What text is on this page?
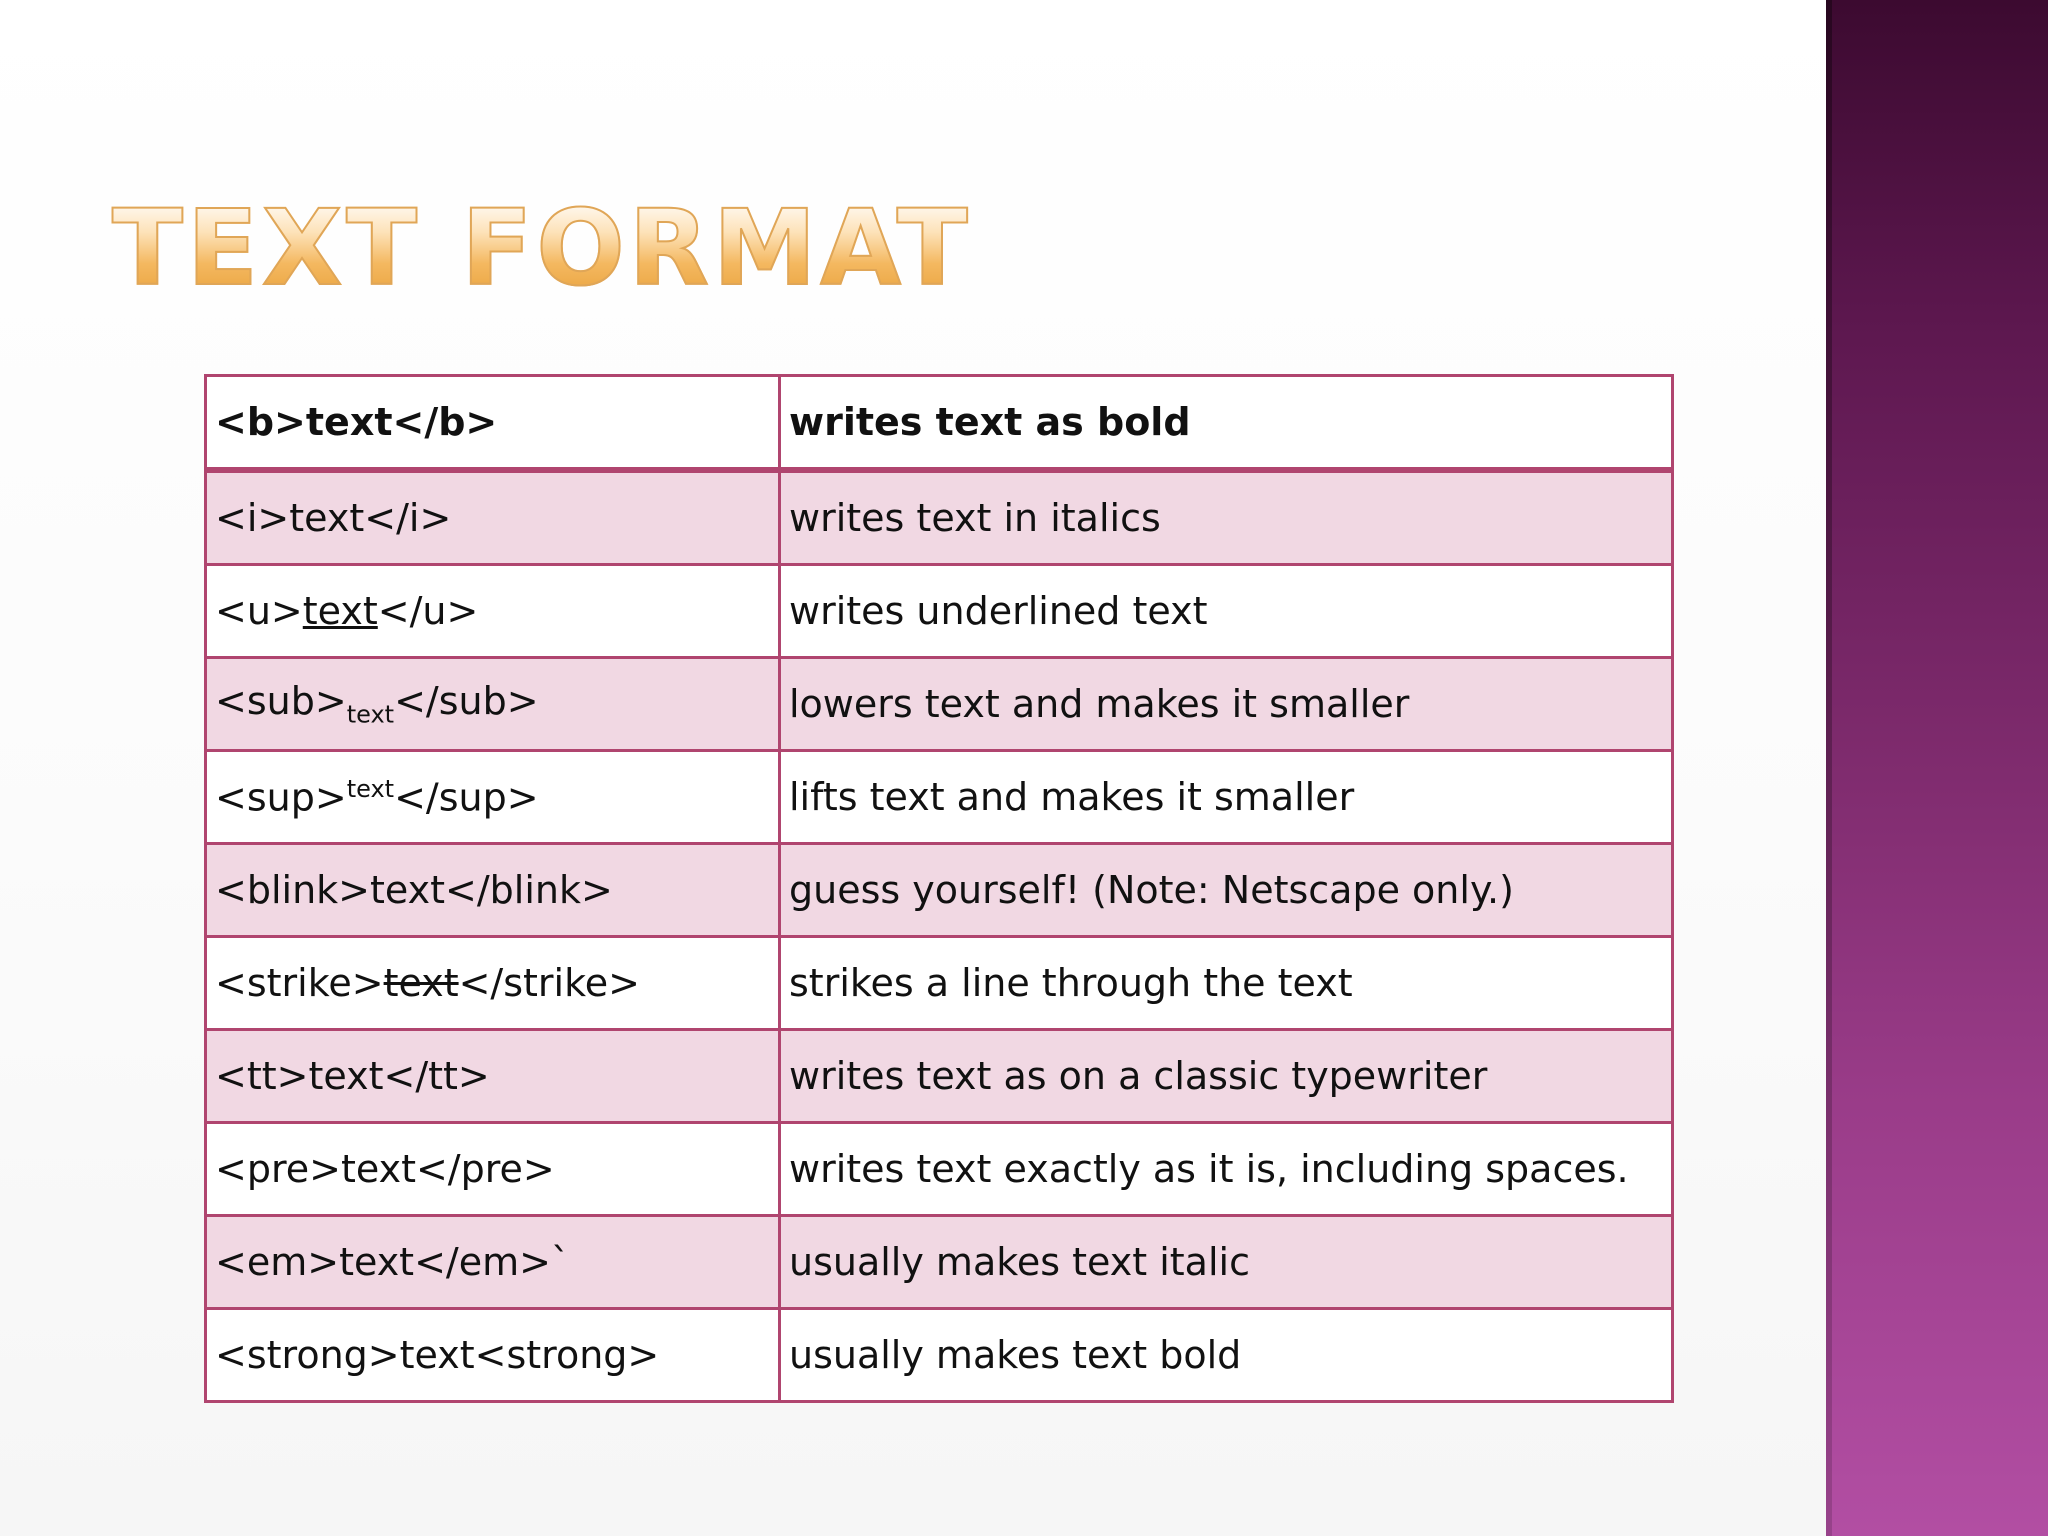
TEXT FORMAT
<b>text</b>	writes text as bold
<i>text</i>	writes text in italics
<u>text</u>	writes underlined text
$<sub>_{text}</sub>$	lowers text and makes it smaller
<sup>$^{text}$</sup>	lifts text and makes it smaller
<blink>text</blink>	guess yourself! (Note: Netscape only.)
<strike>text</strike>	strikes a line through the text
<tt>text</tt>	writes text as on a classic typewriter
<pre>text</pre>	writes text exactly as it is, including spaces.
<em>text</em>`	usually makes text italic
<strong>text<strong>	usually makes text bold
